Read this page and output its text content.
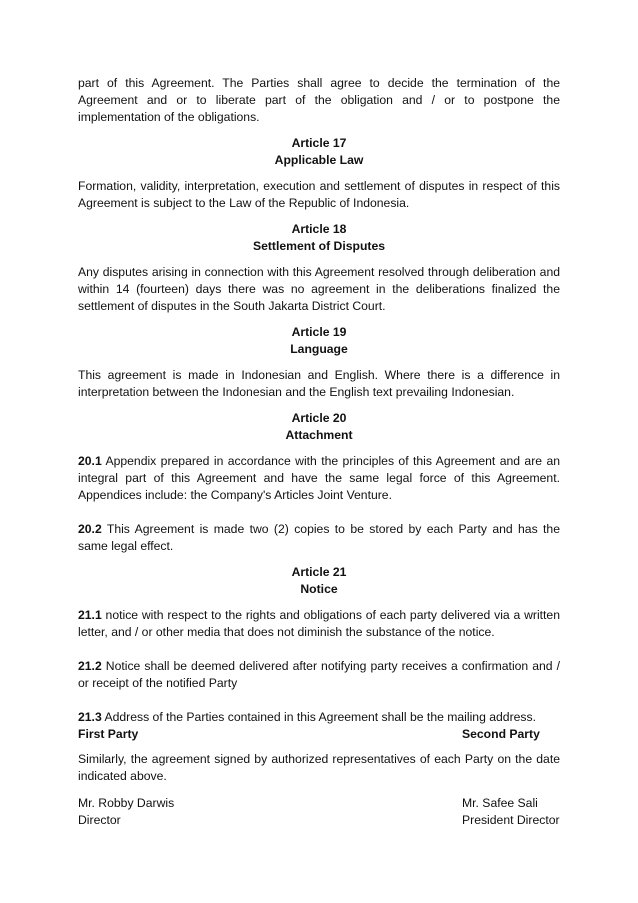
part of this Agreement. The Parties shall agree to decide the termination of the Agreement and or to liberate part of the obligation and / or to postpone the implementation of the obligations.

Article 17
Applicable Law

Formation, validity, interpretation, execution and settlement of disputes in respect of this Agreement is subject to the Law of the Republic of Indonesia.

Article 18
Settlement of Disputes

Any disputes arising in connection with this Agreement resolved through deliberation and within 14 (fourteen) days there was no agreement in the deliberations finalized the settlement of disputes in the South Jakarta District Court.

Article 19
Language

This agreement is made in Indonesian and English. Where there is a difference in interpretation between the Indonesian and the English text prevailing Indonesian.

Article 20
Attachment

20.1 Appendix prepared in accordance with the principles of this Agreement and are an integral part of this Agreement and have the same legal force of this Agreement. Appendices include: the Company's Articles Joint Venture.

20.2 This Agreement is made two (2) copies to be stored by each Party and has the same legal effect.

Article 21
Notice

21.1 notice with respect to the rights and obligations of each party delivered via a written letter, and / or other media that does not diminish the substance of the notice.

21.2 Notice shall be deemed delivered after notifying party receives a confirmation and / or receipt of the notified Party

21.3 Address of the Parties contained in this Agreement shall be the mailing address.

Similarly, the agreement signed by authorized representatives of each Party on the date indicated above.

First Party	Second Party
Mr. Robby Darwis
Director
Mr. Safee Sali
President Director
